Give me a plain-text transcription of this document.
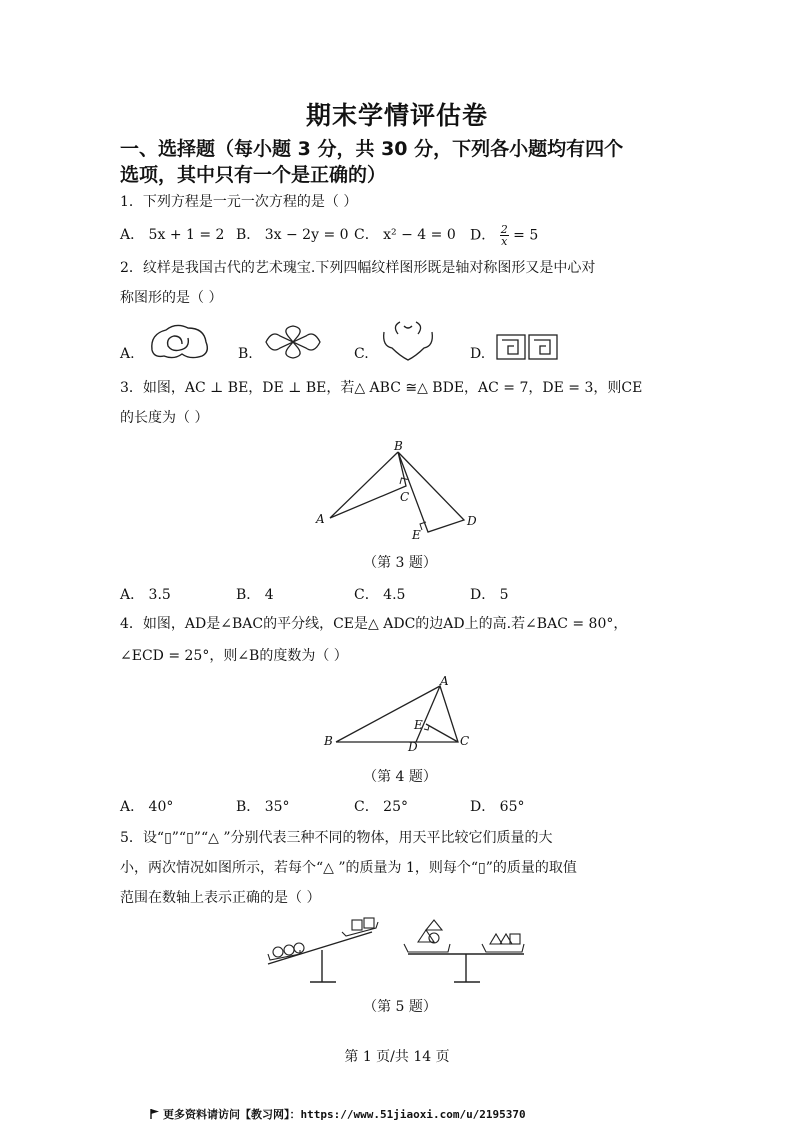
期末学情评估卷
一、选择题（每小题 3 分，共 30 分，下列各小题均有四个
选项，其中只有一个是正确的）
1．下列方程是一元一次方程的是（ ）
A． 5x + 1 = 2 B． 3x − 2y = 0 C． x² − 4 = 0 D． $\frac{2}{x} = 5$
2．纹样是我国古代的艺术瑰宝.下列四幅纹样图形既是轴对称图形又是中心对
称图形的是（ ）
A.	B.	C.	D.
3．如图，AC ⊥ BE，DE ⊥ BE，若△ ABC ≅△ BDE，AC = 7，DE = 3，则CE
的长度为（ ）
B
C
A
E
D
（第 3 题）
A． 3.5	B． 4	C． 4.5	D． 5
4．如图，AD是∠BAC的平分线，CE是△ ADC的边AD上的高.若∠BAC = 80°，
∠ECD = 25°，则∠B的度数为（ ）
A
E
B	D	C
（第 4 题）
A． 40°	B． 35°	C． 25°	D． 65°
5．设“▯”“▯”“△ ”分别代表三种不同的物体，用天平比较它们质量的大
小，两次情况如图所示，若每个“△ ”的质量为 1，则每个“▯”的质量的取值
范围在数轴上表示正确的是（ ）
（第 5 题）
第 1 页/共 14 页
更多资料请访问【教习网】：https://www.51jiaoxi.com/u/2195370
